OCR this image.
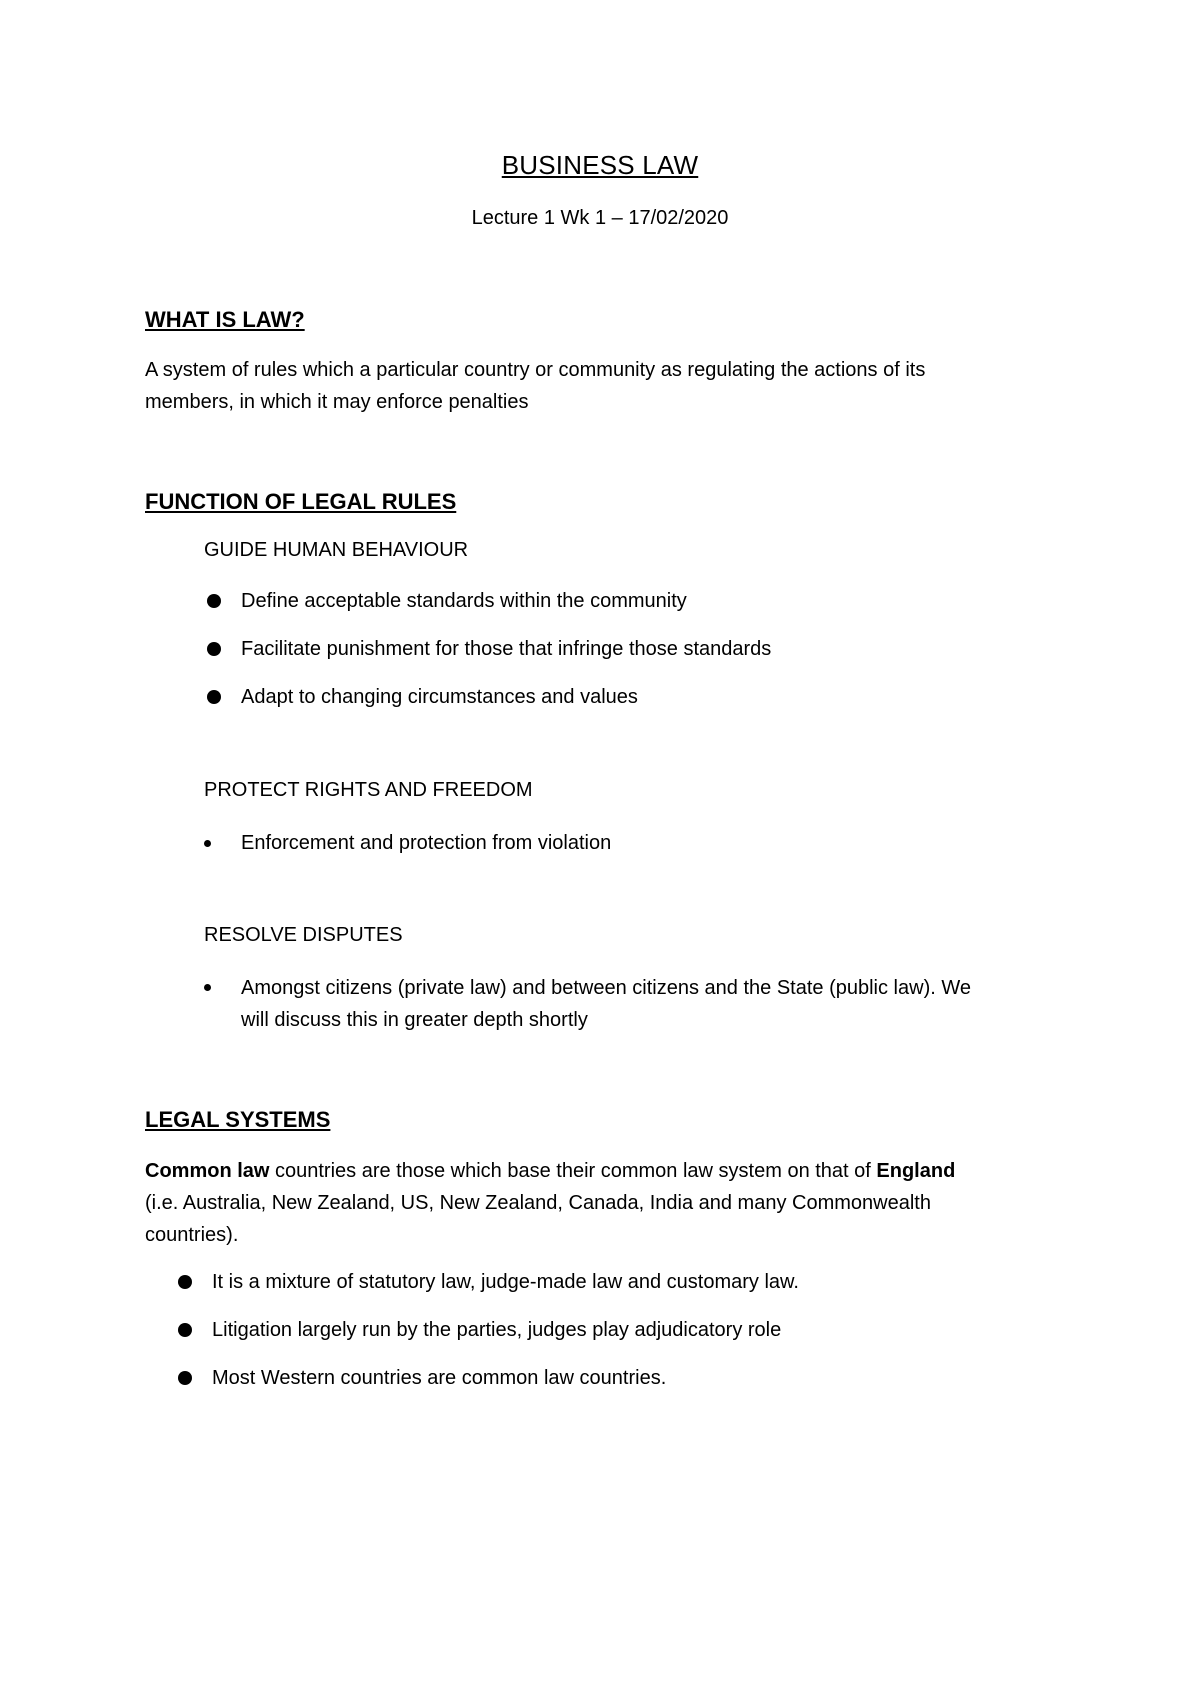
BUSINESS LAW
Lecture 1 Wk 1 – 17/02/2020
WHAT IS LAW?
A system of rules which a particular country or community as regulating the actions of its
members, in which it may enforce penalties
FUNCTION OF LEGAL RULES
GUIDE HUMAN BEHAVIOUR
Define acceptable standards within the community
Facilitate punishment for those that infringe those standards
Adapt to changing circumstances and values
PROTECT RIGHTS AND FREEDOM
Enforcement and protection from violation
RESOLVE DISPUTES
Amongst citizens (private law) and between citizens and the State (public law). We
will discuss this in greater depth shortly
LEGAL SYSTEMS
Common law countries are those which base their common law system on that of England
(i.e. Australia, New Zealand, US, New Zealand, Canada, India and many Commonwealth
countries).
It is a mixture of statutory law, judge-made law and customary law.
Litigation largely run by the parties, judges play adjudicatory role
Most Western countries are common law countries.
